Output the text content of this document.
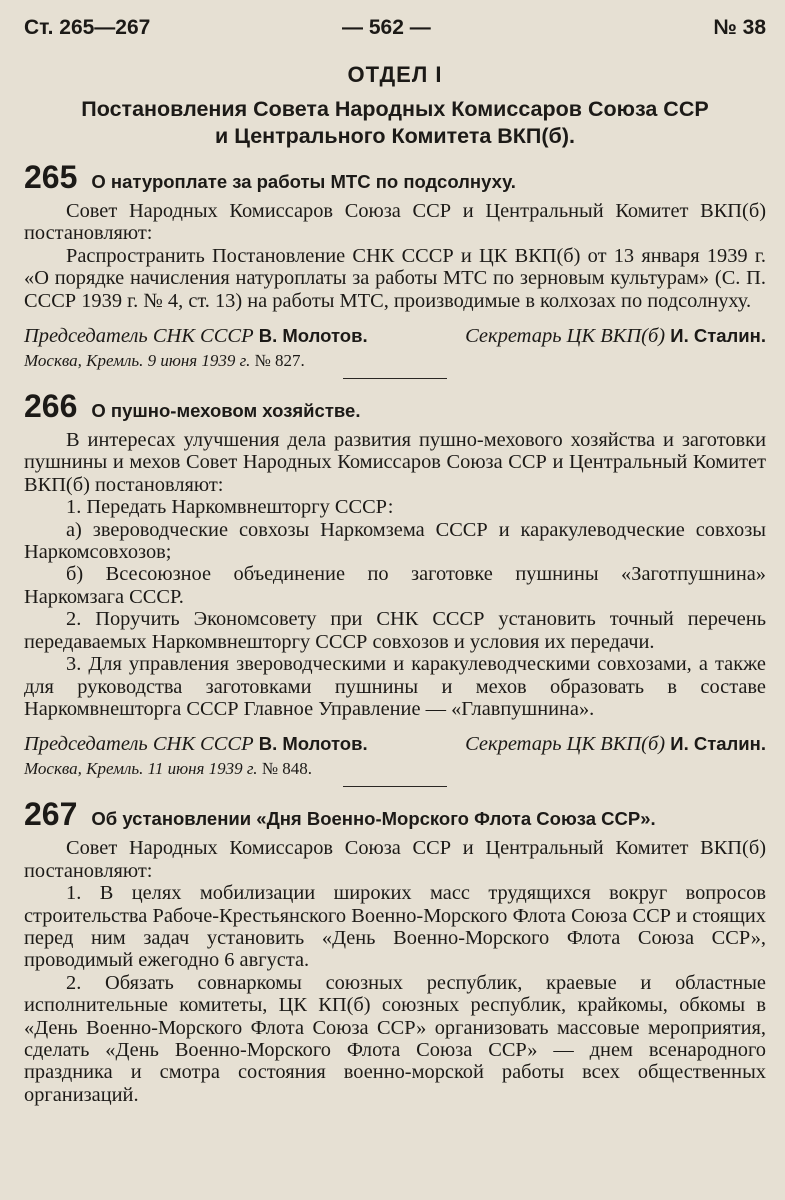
Ст. 265—267	— 562 —	№ 38
ОТДЕЛ I
Постановления Совета Народных Комиссаров Союза ССР
и Центрального Комитета ВКП(б).
265 О натуроплате за работы МТС по подсолнуху.

Совет Народных Комиссаров Союза ССР и Центральный Комитет ВКП(б) постановляют:

Распространить Постановление СНК СССР и ЦК ВКП(б) от 13 января 1939 г. «О порядке начисления натуроплаты за работы МТС по зерновым культурам» (С. П. СССР 1939 г. № 4, ст. 13) на работы МТС, производимые в колхозах по подсолнуху.

Председатель СНК СССР В. Молотов.	Секретарь ЦК ВКП(б) И. Сталин.
Москва, Кремль. 9 июня 1939 г. № 827.
266 О пушно-меховом хозяйстве.

В интересах улучшения дела развития пушно-мехового хозяйства и заготовки пушнины и мехов Совет Народных Комиссаров Союза ССР и Центральный Комитет ВКП(б) постановляют:

1. Передать Наркомвнешторгу СССР:

а) звероводческие совхозы Наркомзема СССР и каракулеводческие совхозы Наркомсовхозов;

б) Всесоюзное объединение по заготовке пушнины «Заготпушнина» Наркомзага СССР.

2. Поручить Экономсовету при СНК СССР установить точный перечень передаваемых Наркомвнешторгу СССР совхозов и условия их передачи.

3. Для управления звероводческими и каракулеводческими совхозами, а также для руководства заготовками пушнины и мехов образовать в составе Наркомвнешторга СССР Главное Управление — «Главпушнина».

Председатель СНК СССР В. Молотов.	Секретарь ЦК ВКП(б) И. Сталин.
Москва, Кремль. 11 июня 1939 г. № 848.
267 Об установлении «Дня Военно-Морского Флота Союза ССР».

Совет Народных Комиссаров Союза ССР и Центральный Комитет ВКП(б) постановляют:

1. В целях мобилизации широких масс трудящихся вокруг вопросов строительства Рабоче-Крестьянского Военно-Морского Флота Союза ССР и стоящих перед ним задач установить «День Военно-Морского Флота Союза ССР», проводимый ежегодно 6 августа.

2. Обязать совнаркомы союзных республик, краевые и областные исполнительные комитеты, ЦК КП(б) союзных республик, крайкомы, обкомы в «День Военно-Морского Флота Союза ССР» организовать массовые мероприятия, сделать «День Военно-Морского Флота Союза ССР» — днем всенародного праздника и смотра состояния военно-морской работы всех общественных организаций.
